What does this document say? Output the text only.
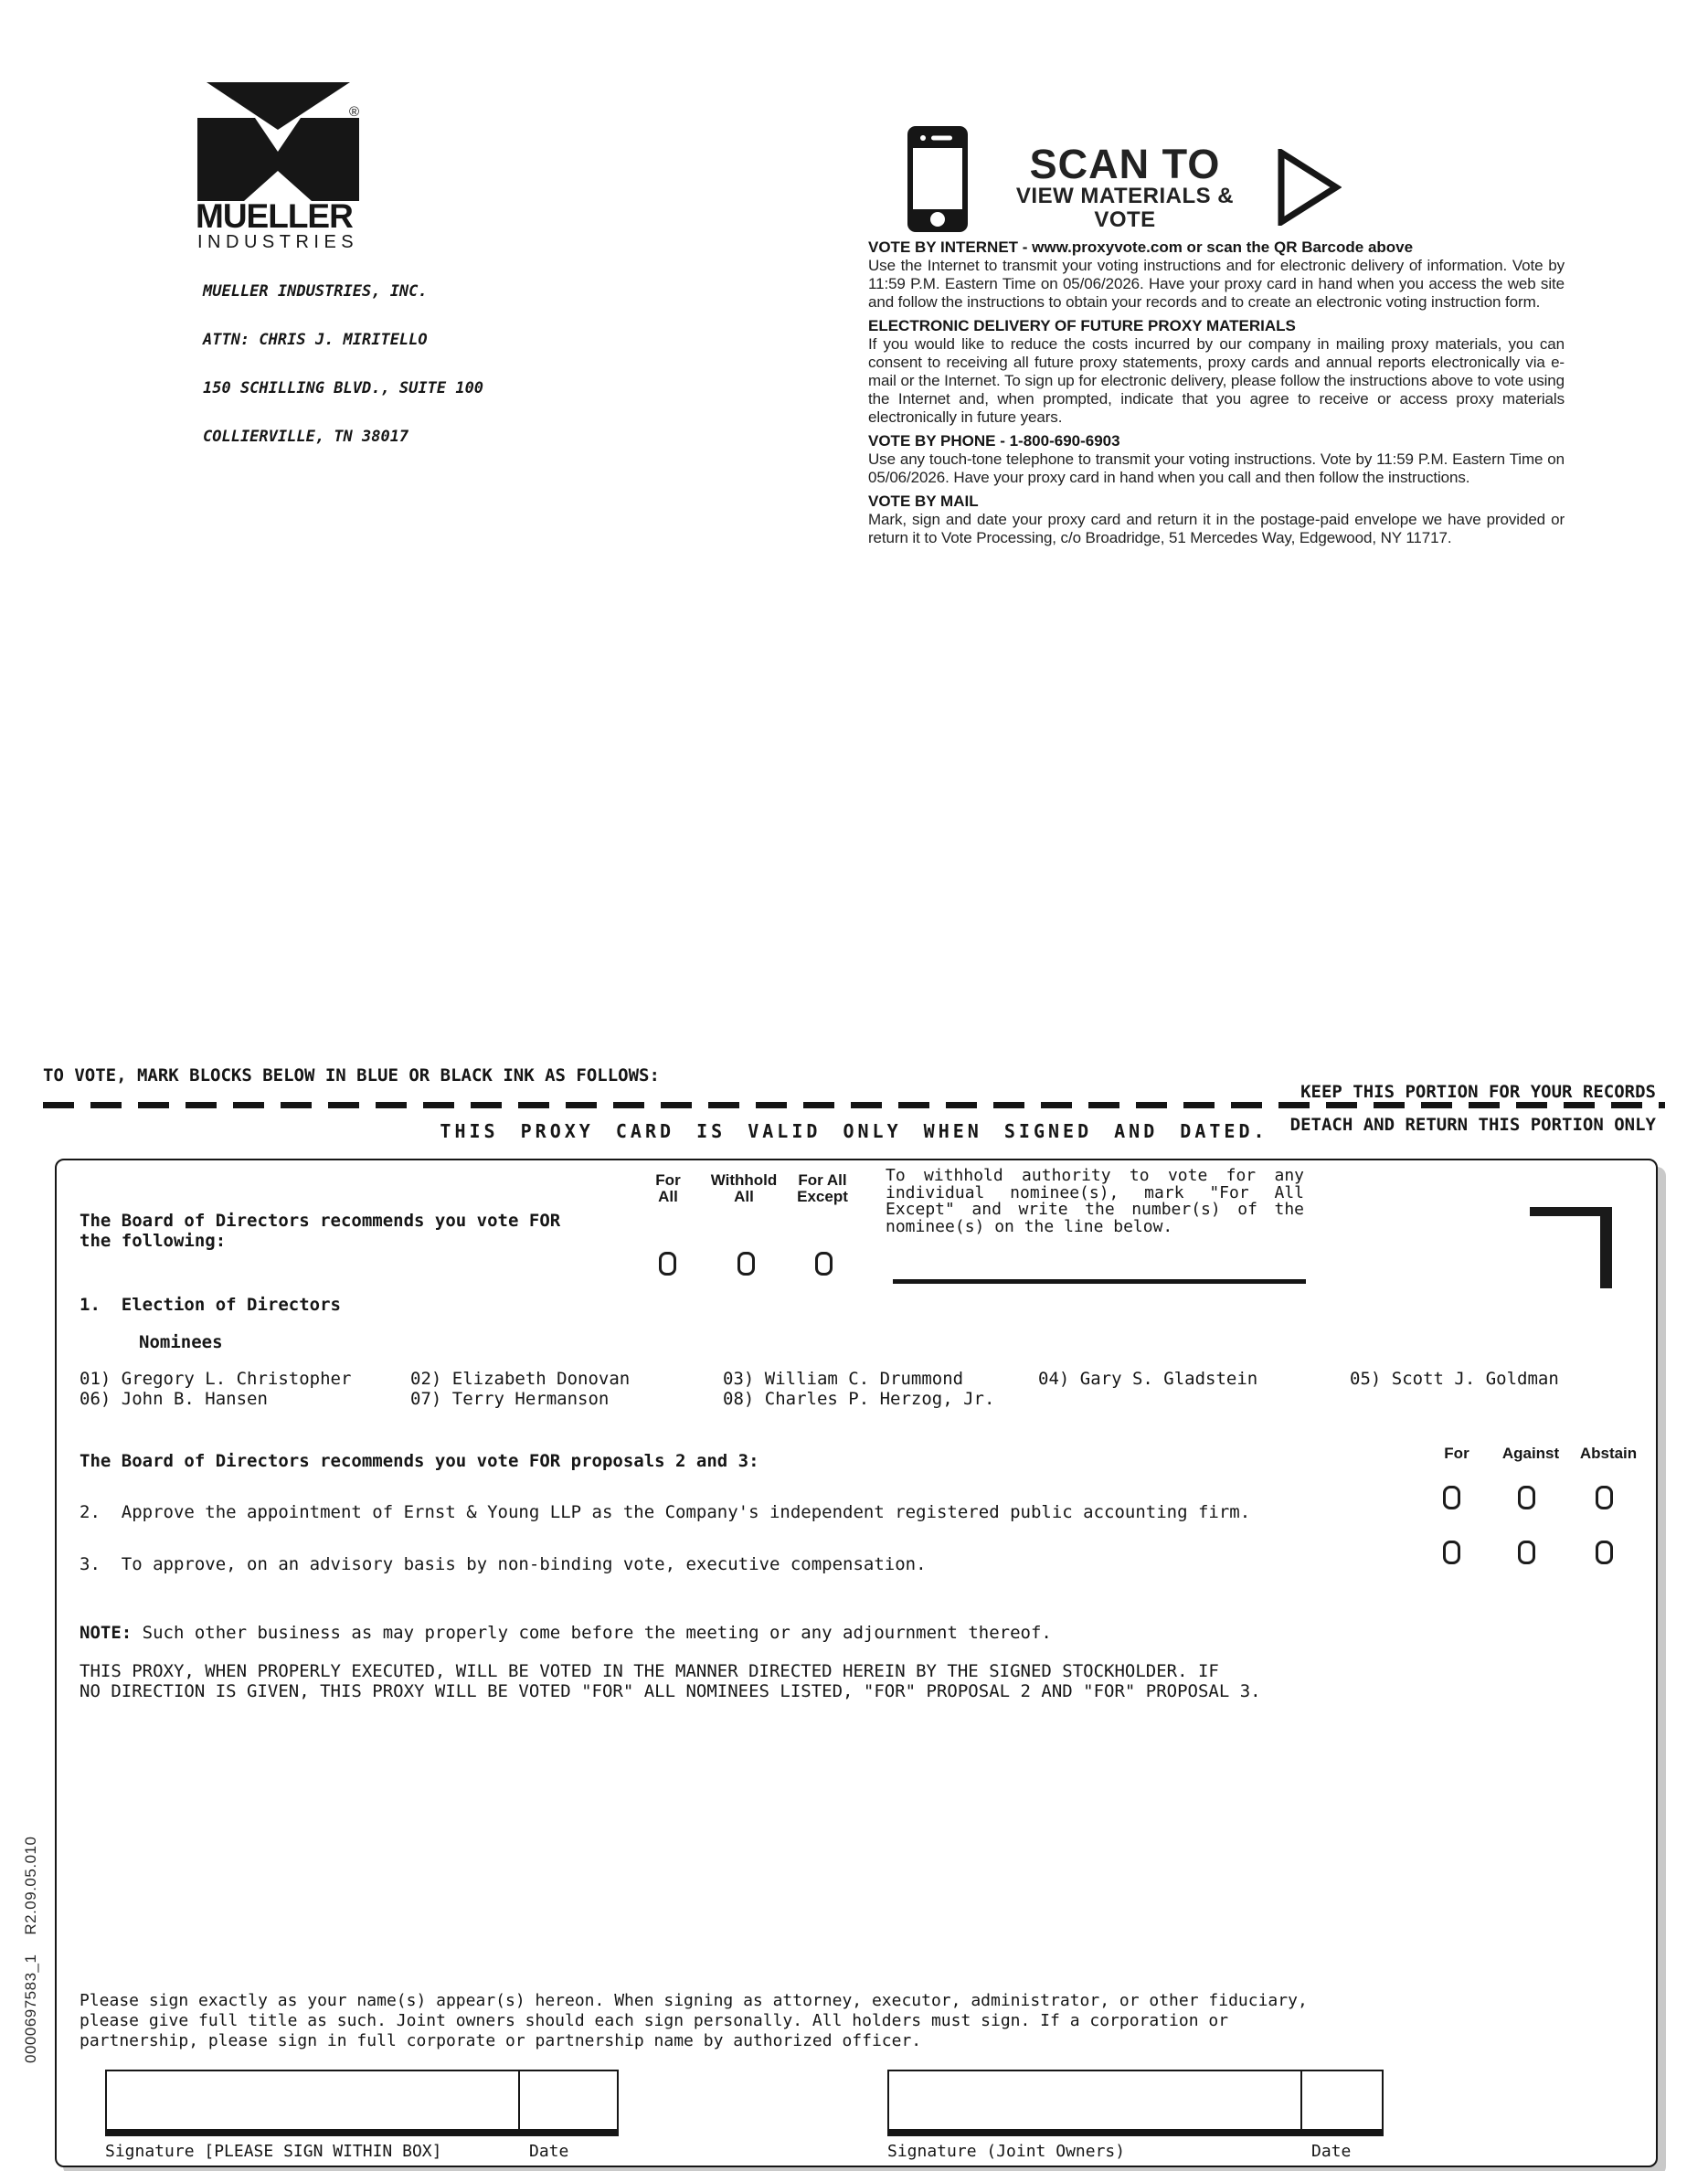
®
MUELLER
INDUSTRIES

MUELLER INDUSTRIES, INC.

ATTN: CHRIS J. MIRITELLO

150 SCHILLING BLVD., SUITE 100

COLLIERVILLE, TN 38017

SCAN TO
VIEW MATERIALS & VOTE
VOTE BY INTERNET - www.proxyvote.com or scan the QR Barcode above
Use the Internet to transmit your voting instructions and for electronic delivery of information. Vote by 11:59 P.M. Eastern Time on 05/06/2026. Have your proxy card in hand when you access the web site and follow the instructions to obtain your records and to create an electronic voting instruction form.
ELECTRONIC DELIVERY OF FUTURE PROXY MATERIALS
If you would like to reduce the costs incurred by our company in mailing proxy materials, you can consent to receiving all future proxy statements, proxy cards and annual reports electronically via e-mail or the Internet. To sign up for electronic delivery, please follow the instructions above to vote using the Internet and, when prompted, indicate that you agree to receive or access proxy materials electronically in future years.
VOTE BY PHONE - 1-800-690-6903
Use any touch-tone telephone to transmit your voting instructions. Vote by 11:59 P.M. Eastern Time on 05/06/2026. Have your proxy card in hand when you call and then follow the instructions.
VOTE BY MAIL
Mark, sign and date your proxy card and return it in the postage-paid envelope we have provided or return it to Vote Processing, c/o Broadridge, 51 Mercedes Way, Edgewood, NY 11717.
TO VOTE, MARK BLOCKS BELOW IN BLUE OR BLACK INK AS FOLLOWS:
KEEP THIS PORTION FOR YOUR RECORDS
DETACH AND RETURN THIS PORTION ONLY
THIS PROXY CARD IS VALID ONLY WHEN SIGNED AND DATED.
The Board of Directors recommends you vote FOR
the following:
For
All
Withhold
All
For All
Except
To withhold authority to vote for any
individual nominee(s), mark "For All
Except" and write the number(s) of the
nominee(s) on the line below.
1.  Election of Directors
Nominees
01) Gregory L. Christopher	02) Elizabeth Donovan	03) William C. Drummond	04) Gary S. Gladstein	05) Scott J. Goldman
06) John B. Hansen	07) Terry Hermanson	08) Charles P. Herzog, Jr.
The Board of Directors recommends you vote FOR proposals 2 and 3:	For	Against	Abstain
2.  Approve the appointment of Ernst & Young LLP as the Company's independent registered public accounting firm.
3.  To approve, on an advisory basis by non-binding vote, executive compensation.
NOTE: Such other business as may properly come before the meeting or any adjournment thereof.
THIS PROXY, WHEN PROPERLY EXECUTED, WILL BE VOTED IN THE MANNER DIRECTED HEREIN BY THE SIGNED STOCKHOLDER. IF
NO DIRECTION IS GIVEN, THIS PROXY WILL BE VOTED "FOR" ALL NOMINEES LISTED, "FOR" PROPOSAL 2 AND "FOR" PROPOSAL 3.
Please sign exactly as your name(s) appear(s) hereon. When signing as attorney, executor, administrator, or other fiduciary,
please give full title as such. Joint owners should each sign personally. All holders must sign. If a corporation or
partnership, please sign in full corporate or partnership name by authorized officer.
Signature [PLEASE SIGN WITHIN BOX]	Date	Signature (Joint Owners)	Date
0000697583_1    R2.09.05.010
